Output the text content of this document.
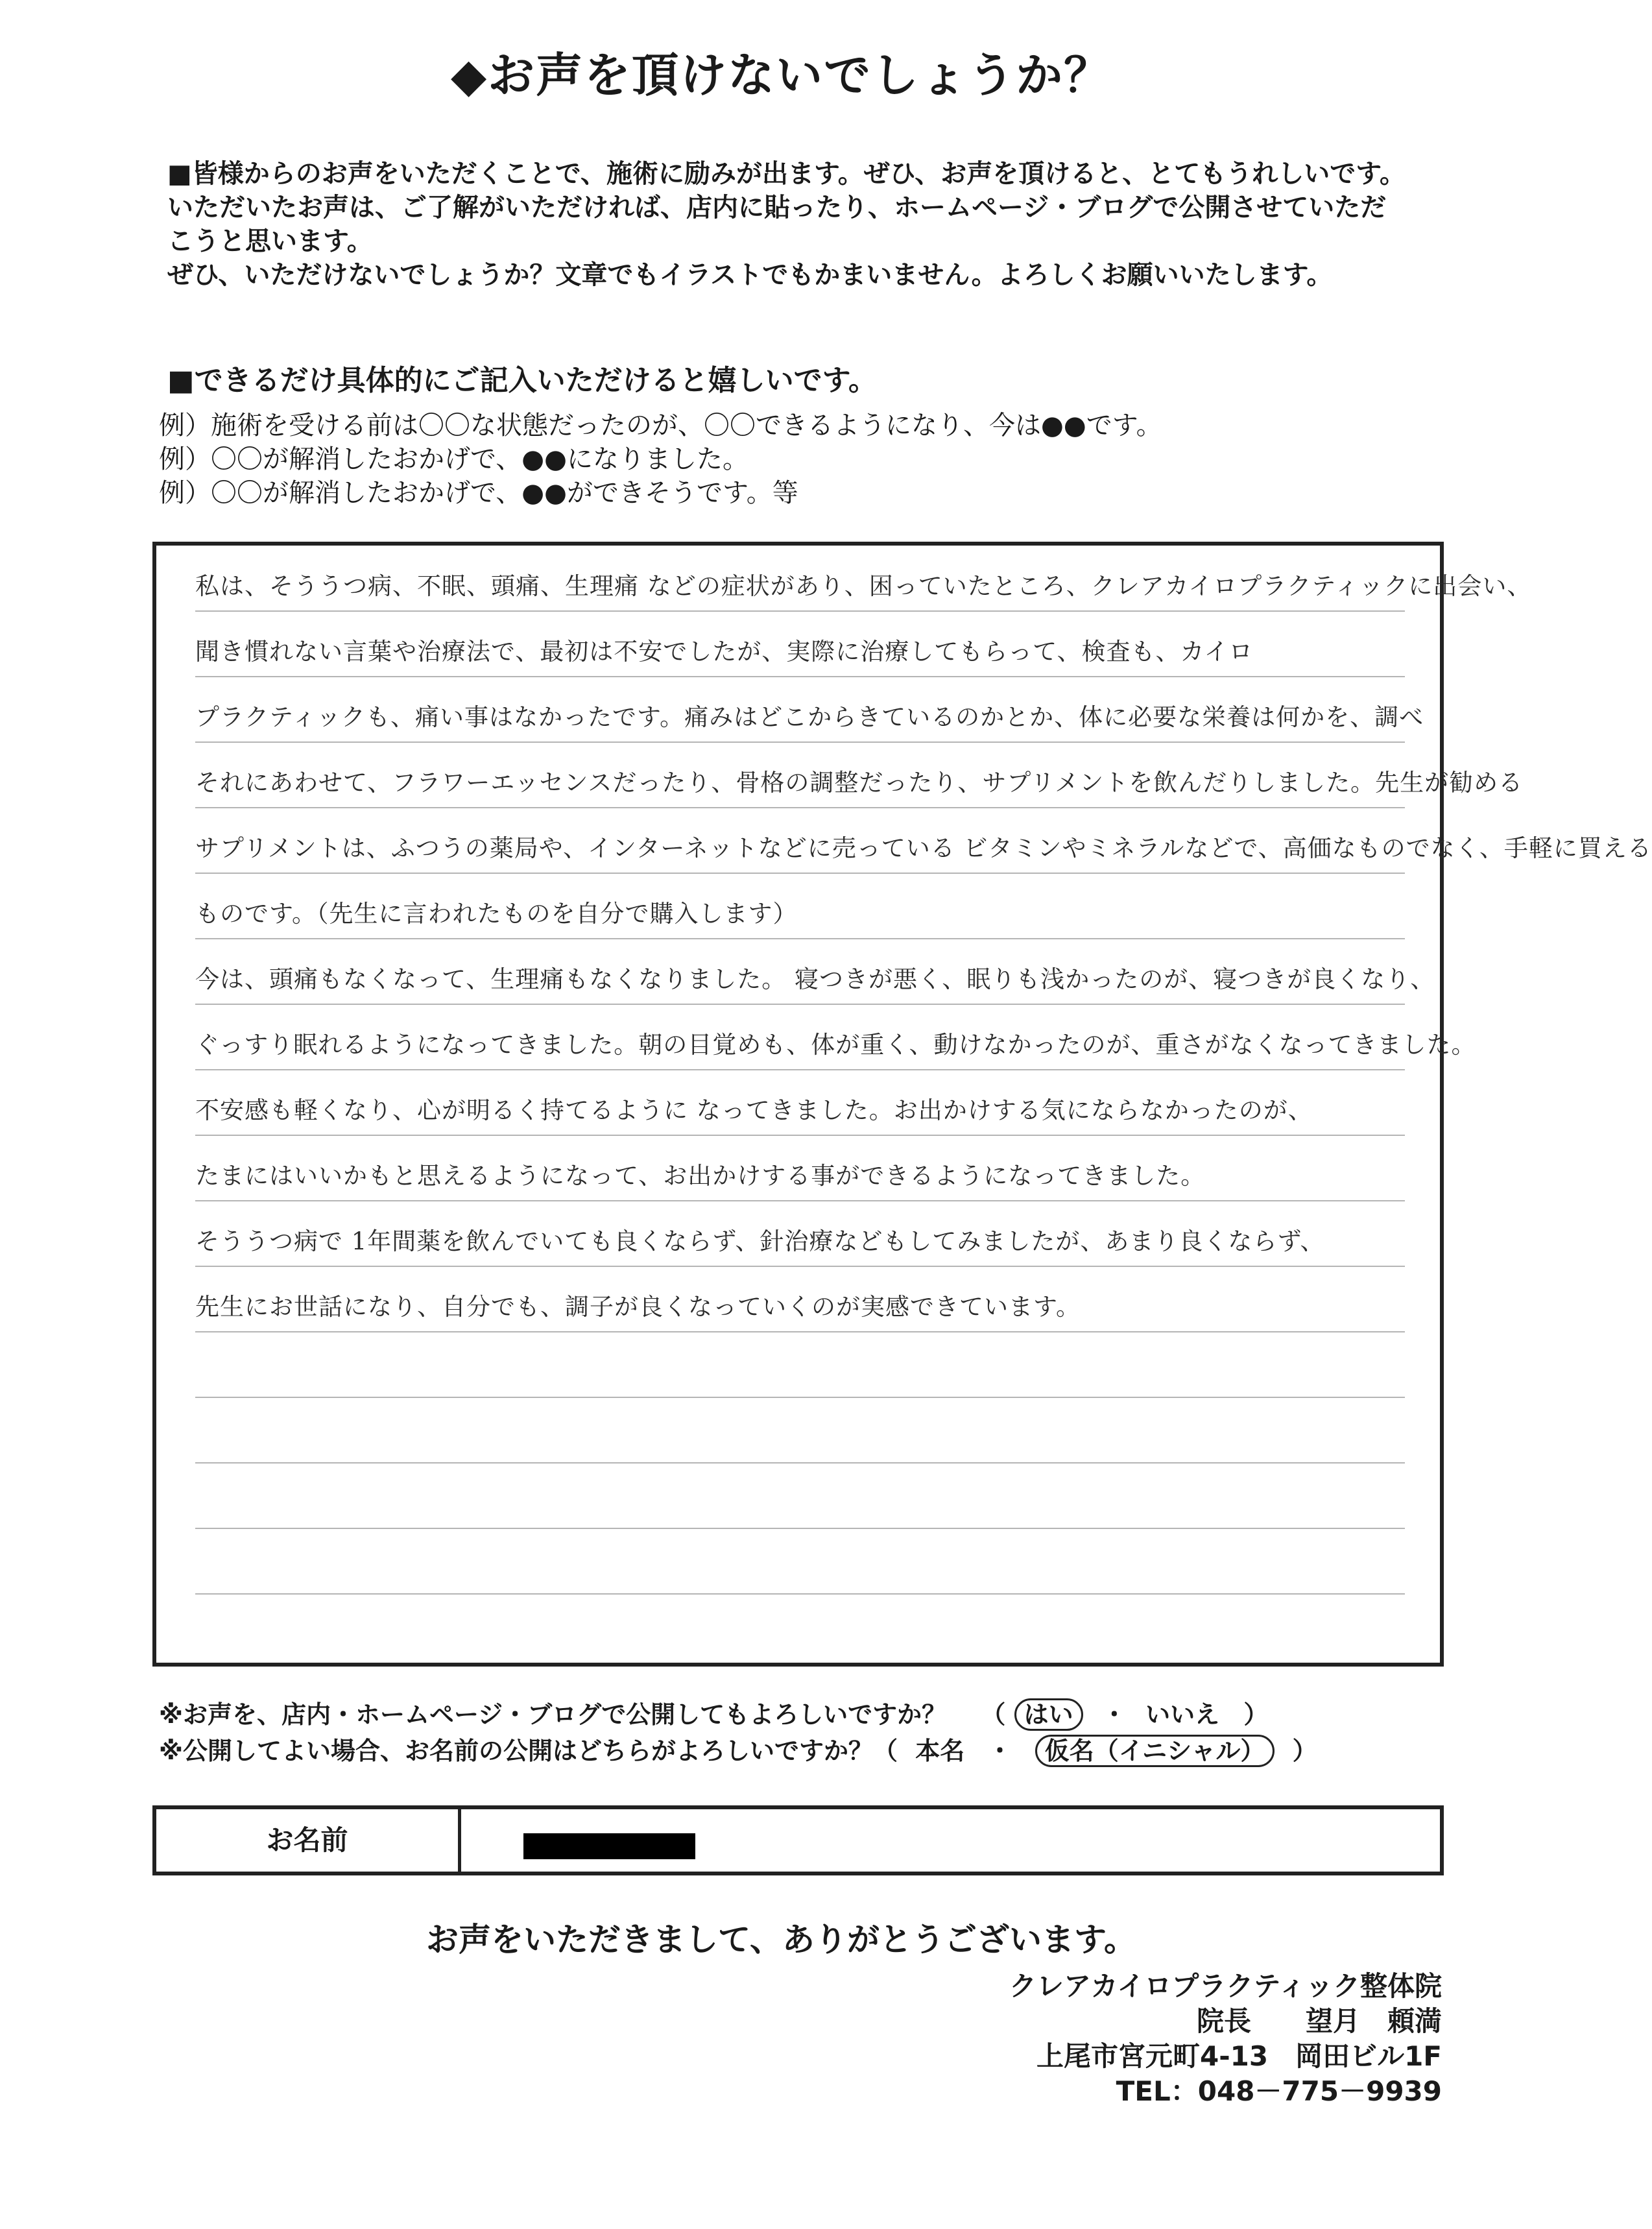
◆お声を頂けないでしょうか？
■皆様からのお声をいただくことで、施術に励みが出ます。ぜひ、お声を頂けると、とてもうれしいです。
いただいたお声は、ご了解がいただければ、店内に貼ったり、ホームページ・ブログで公開させていただ
こうと思います。
ぜひ、いただけないでしょうか？文章でもイラストでもかまいません。よろしくお願いいたします。
■できるだけ具体的にご記入いただけると嬉しいです。
例）施術を受ける前は〇〇な状態だったのが、〇〇できるようになり、今は●●です。
例）〇〇が解消したおかげで、●●になりました。
例）〇〇が解消したおかげで、●●ができそうです。等
私は、そううつ病、不眠、頭痛、生理痛 などの症状があり、困っていたところ、クレアカイロプラクティックに出会い、
聞き慣れない言葉や治療法で、最初は不安でしたが、実際に治療してもらって、検査も、カイロ
プラクティックも、痛い事はなかったです。痛みはどこからきているのかとか、体に必要な栄養は何かを、調べ
それにあわせて、フラワーエッセンスだったり、骨格の調整だったり、サプリメントを飲んだりしました。先生が勧める
サプリメントは、ふつうの薬局や、インターネットなどに売っている ビタミンやミネラルなどで、高価なものでなく、手軽に買える
ものです。（先生に言われたものを自分で購入します）
今は、頭痛もなくなって、生理痛もなくなりました。 寝つきが悪く、眠りも浅かったのが、寝つきが良くなり、
ぐっすり眠れるようになってきました。朝の目覚めも、体が重く、動けなかったのが、重さがなくなってきました。
不安感も軽くなり、心が明るく持てるように なってきました。お出かけする気にならなかったのが、
たまにはいいかもと思えるようになって、お出かけする事ができるようになってきました。
そううつ病で 1年間薬を飲んでいても良くならず、針治療などもしてみましたが、あまり良くならず、
先生にお世話になり、自分でも、調子が良くなっていくのが実感できています。
※お声を、店内・ホームページ・ブログで公開してもよろしいですか？ （ はい ・ いいえ ）
※公開してよい場合、お名前の公開はどちらがよろしいですか？（ 本名 ・ 仮名（イニシャル） ）
お名前
お声をいただきまして、ありがとうございます。
クレアカイロプラクティック整体院
院長　　望月　頼満
上尾市宮元町4-13　岡田ビル1F
TEL：048－775－9939
